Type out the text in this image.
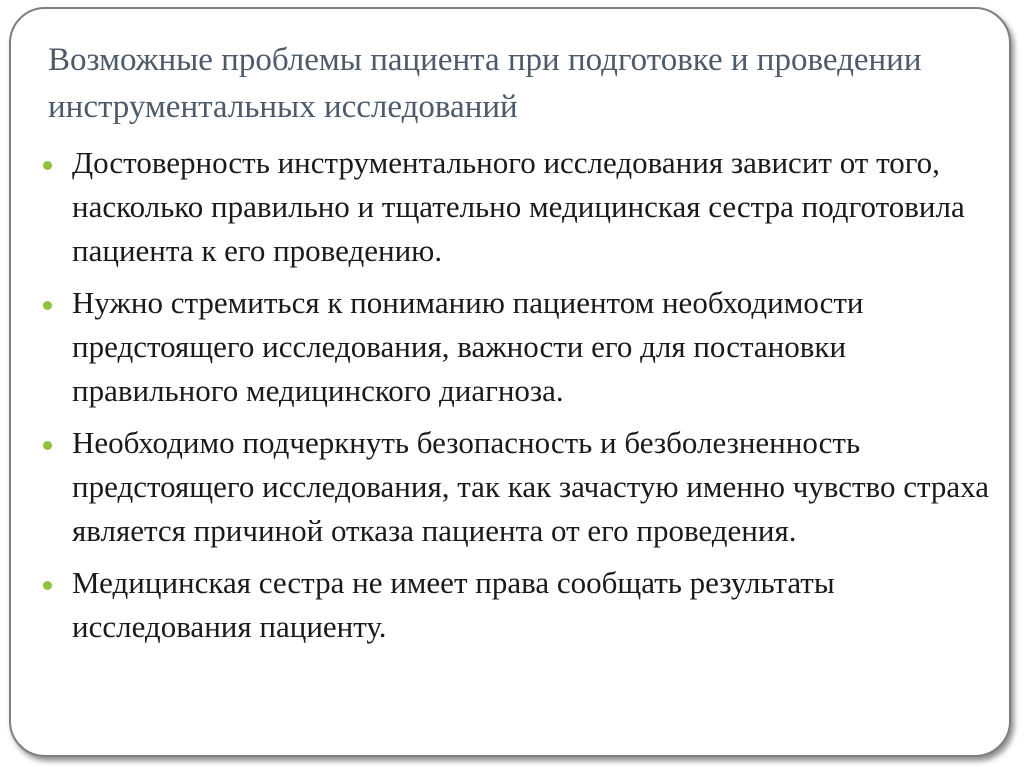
Возможные проблемы пациента при подготовке и проведении инструментальных исследований
Достоверность инструментального исследования зависит от того, насколько правильно и тщательно медицинская сестра подготовила пациента к его проведению.
Нужно стремиться к пониманию пациентом необходимости предстоящего исследования, важности его для постановки правильного медицинского диагноза.
Необходимо подчеркнуть безопасность и безболезненность предстоящего исследования, так как зачастую именно чувство страха является причиной отказа пациента от его проведения.
Медицинская сестра не имеет права сообщать результаты исследования пациенту.
